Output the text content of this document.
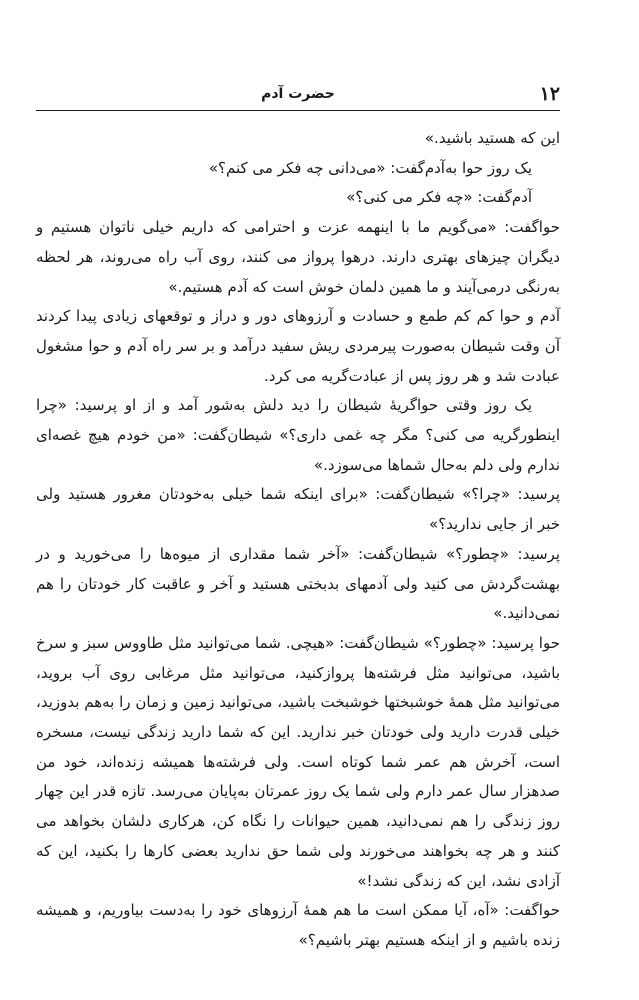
۱۲
حضرت آدم

این که هستید باشید.»

یک روز حوا به‌آدم‌گفت: «می‌دانی چه فکر می کنم؟»

آدم‌گفت: «چه فکر می کنی؟»

حواگفت: «می‌گویم ما با اینهمه عزت و احترامی که داریم خیلی ناتوان هستیم و دیگران چیزهای بهتری دارند. درهوا پرواز می کنند، روی آب راه می‌روند، هر لحظه به‌رنگی درمی‌آیند و ما همین دلمان خوش است که آدم هستیم.»

آدم و حوا کم کم طمع و حسادت و آرزوهای دور و دراز و توقعهای زیادی پیدا کردند آن وقت شیطان به‌صورت پیرمردی ریش سفید درآمد و بر سر راه آدم و حوا مشغول عبادت شد و هر روز پس از عبادت‌گریه می کرد.

یک روز وقتی حوا‌گریهٔ شیطان را دید دلش به‌شور آمد و از او پرسید: «چرا اینطورگریه می کنی؟ مگر چه غمی داری؟» شیطان‌گفت: «من خودم هیچ غصه‌ای ندارم ولی دلم به‌حال شماها می‌سوزد.»

پرسید: «چرا؟» شیطان‌گفت: «برای اینکه شما خیلی به‌خودتان مغرور هستید ولی خبر از جایی ندارید؟»

پرسید: «چطور؟» شیطان‌گفت: «آخر شما مقداری از میوه‌ها را می‌خورید و در بهشت‌گردش می کنید ولی آدمهای بدبختی هستید و آخر و عاقبت کار خودتان را هم نمی‌دانید.»

حوا پرسید: «چطور؟» شیطان‌گفت: «هیچی. شما می‌توانید مثل طاووس سبز و سرخ باشید، می‌توانید مثل فرشته‌ها پروازکنید، می‌توانید مثل مرغابی روی آب بروید، می‌توانید مثل همهٔ خوشبختها خوشبخت باشید، می‌توانید زمین و زمان را به‌هم بدوزید، خیلی قدرت دارید ولی خودتان خبر ندارید. این که شما دارید زندگی نیست، مسخره است، آخرش هم عمر شما کوتاه است. ولی فرشته‌ها همیشه زنده‌اند، خود من صدهزار سال عمر دارم ولی شما یک روز عمرتان به‌پایان می‌رسد. تازه قدر این چهار روز زندگی را هم نمی‌دانید، همین حیوانات را نگاه کن، هرکاری دلشان بخواهد می کنند و هر چه بخواهند می‌خورند ولی شما حق ندارید بعضی کارها را بکنید، این که آزادی نشد، این که زندگی نشد!»

حواگفت: «آه، آیا ممکن است ما هم همهٔ آرزوهای خود را به‌دست بیاوریم، و همیشه زنده باشیم و از اینکه هستیم بهتر باشیم؟»
